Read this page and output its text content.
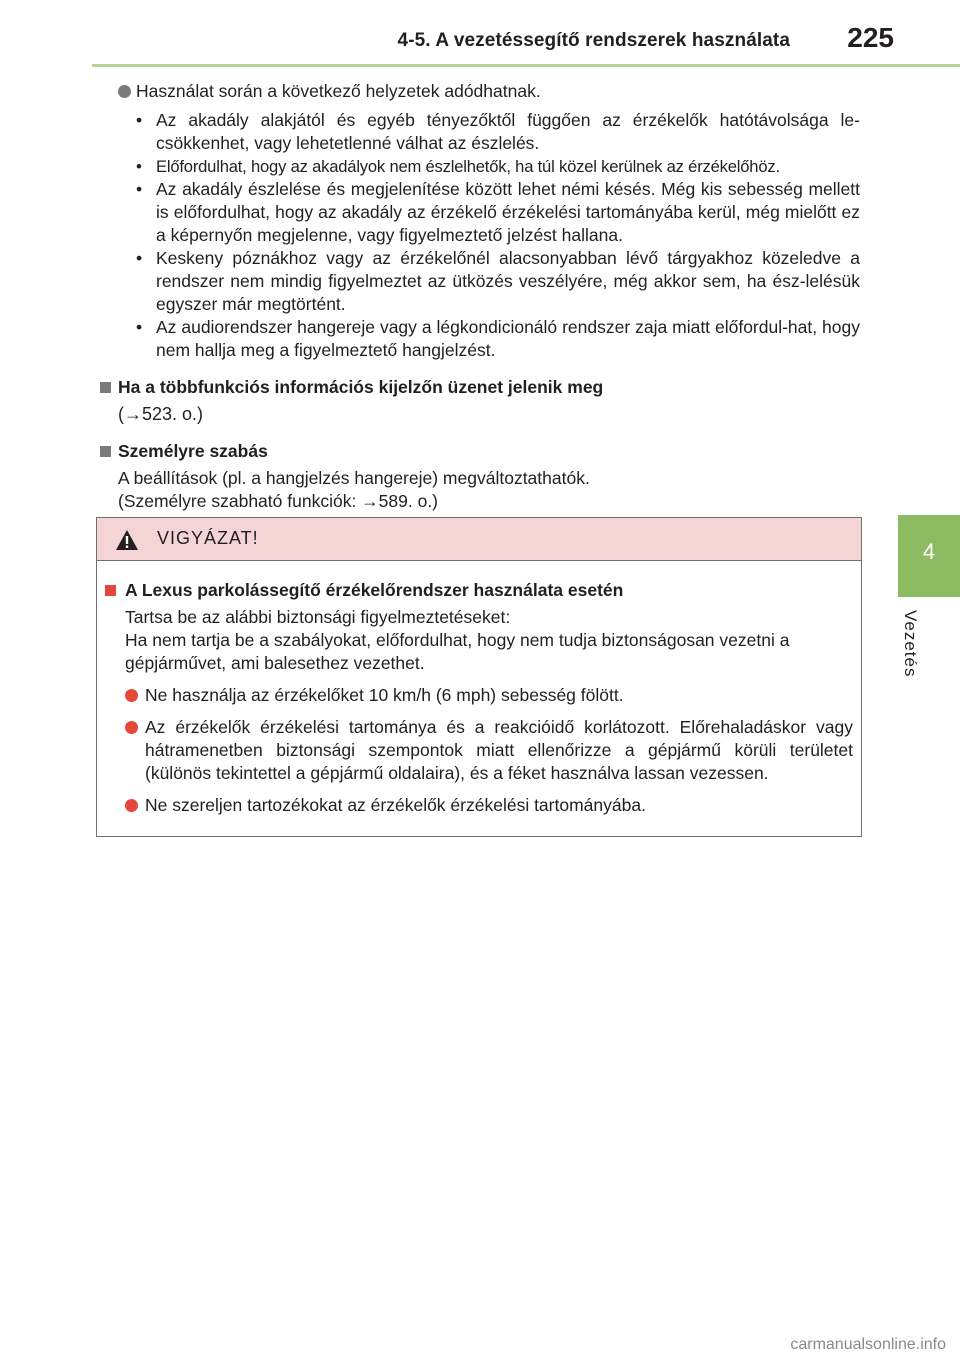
4-5. A vezetéssegítő rendszerek használata 225
4
Vezetés
Használat során a következő helyzetek adódhatnak.
• Az akadály alakjától és egyéb tényezőktől függően az érzékelők hatótávolsága le-csökkenhet, vagy lehetetlenné válhat az észlelés.
• Előfordulhat, hogy az akadályok nem észlelhetők, ha túl közel kerülnek az érzékelőhöz.
• Az akadály észlelése és megjelenítése között lehet némi késés. Még kis sebesség mellett is előfordulhat, hogy az akadály az érzékelő érzékelési tartományába kerül, még mielőtt ez a képernyőn megjelenne, vagy figyelmeztető jelzést hallana.
• Keskeny póznákhoz vagy az érzékelőnél alacsonyabban lévő tárgyakhoz közeledve a rendszer nem mindig figyelmeztet az ütközés veszélyére, még akkor sem, ha ész-lelésük egyszer már megtörtént.
• Az audiorendszer hangereje vagy a légkondicionáló rendszer zaja miatt előfordul-hat, hogy nem hallja meg a figyelmeztető hangjelzést.
Ha a többfunkciós információs kijelzőn üzenet jelenik meg
(→523. o.)
Személyre szabás
A beállítások (pl. a hangjelzés hangereje) megváltoztathatók.
(Személyre szabható funkciók: →589. o.)
VIGYÁZAT!
A Lexus parkolássegítő érzékelőrendszer használata esetén
Tartsa be az alábbi biztonsági figyelmeztetéseket:
Ha nem tartja be a szabályokat, előfordulhat, hogy nem tudja biztonságosan vezetni a gépjárművet, ami balesethez vezethet.
Ne használja az érzékelőket 10 km/h (6 mph) sebesség fölött.
Az érzékelők érzékelési tartománya és a reakcióidő korlátozott. Előrehaladáskor vagy hátramenetben biztonsági szempontok miatt ellenőrizze a gépjármű körüli területet (különös tekintettel a gépjármű oldalaira), és a féket használva lassan vezessen.
Ne szereljen tartozékokat az érzékelők érzékelési tartományába.
carmanualsonline.info
